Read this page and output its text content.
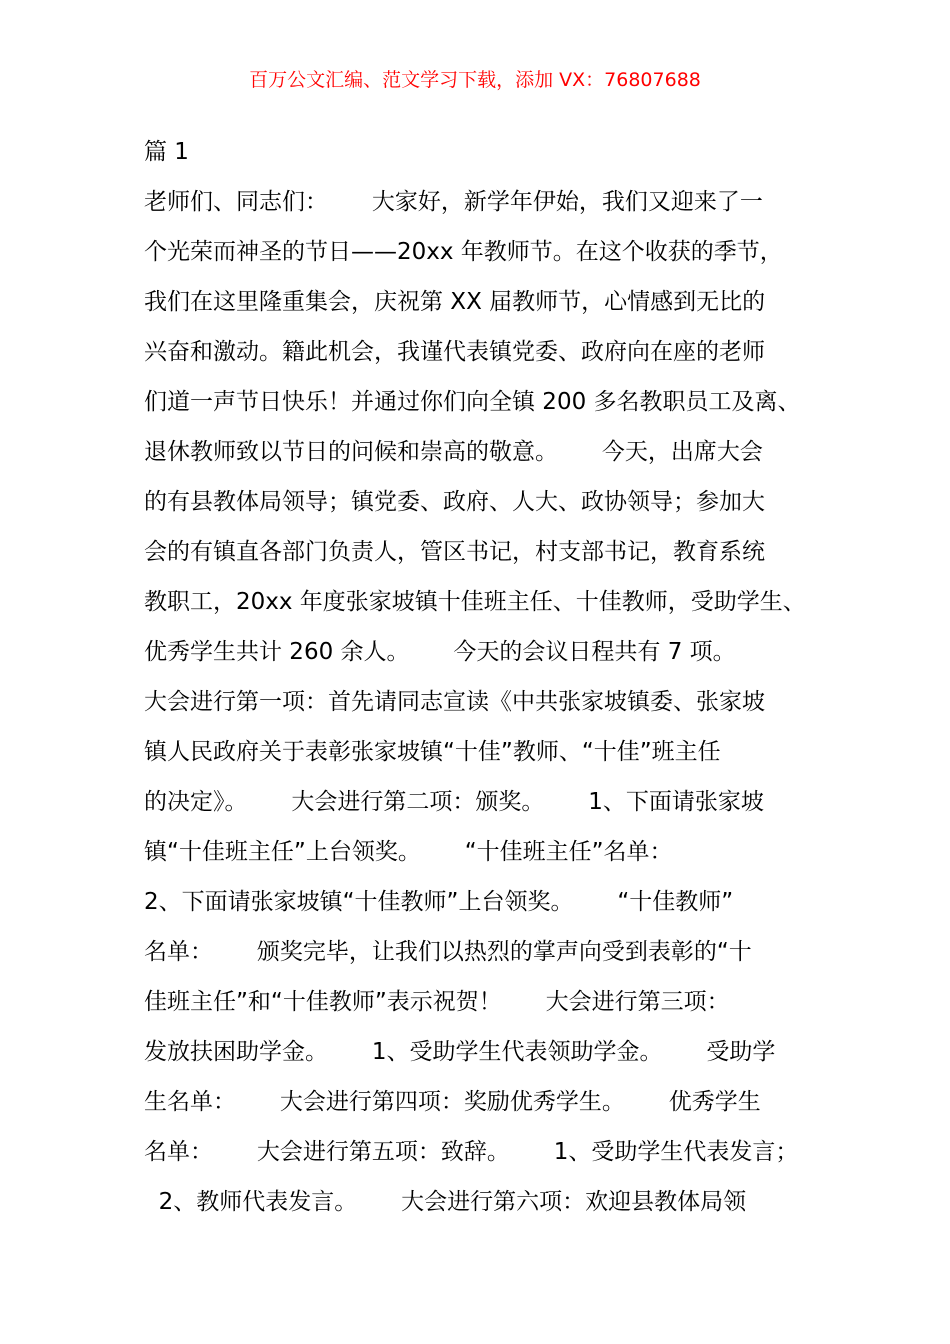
百万公文汇编、范文学习下载，添加 VX：76807688
篇 1
老师们、同志们：      大家好，新学年伊始，我们又迎来了一
个光荣而神圣的节日——20xx 年教师节。在这个收获的季节，
我们在这里隆重集会，庆祝第 XX 届教师节，心情感到无比的
兴奋和激动。籍此机会，我谨代表镇党委、政府向在座的老师
们道一声节日快乐！并通过你们向全镇 200 多名教职员工及离、
退休教师致以节日的问候和崇高的敬意。      今天，出席大会
的有县教体局领导；镇党委、政府、人大、政协领导；参加大
会的有镇直各部门负责人，管区书记，村支部书记，教育系统
教职工，20xx 年度张家坡镇十佳班主任、十佳教师，受助学生、
优秀学生共计 260 余人。      今天的会议日程共有 7 项。
大会进行第一项：首先请同志宣读《中共张家坡镇委、张家坡
镇人民政府关于表彰张家坡镇“十佳”教师、“十佳”班主任
的决定》。      大会进行第二项：颁奖。      1、下面请张家坡
镇“十佳班主任”上台领奖。      “十佳班主任”名单：
2、下面请张家坡镇“十佳教师”上台领奖。      “十佳教师”
名单：      颁奖完毕，让我们以热烈的掌声向受到表彰的“十
佳班主任”和“十佳教师”表示祝贺！      大会进行第三项：
发放扶困助学金。      1、受助学生代表领助学金。      受助学
生名单：      大会进行第四项：奖励优秀学生。      优秀学生
名单：      大会进行第五项：致辞。      1、受助学生代表发言；
2、教师代表发言。      大会进行第六项：欢迎县教体局领
